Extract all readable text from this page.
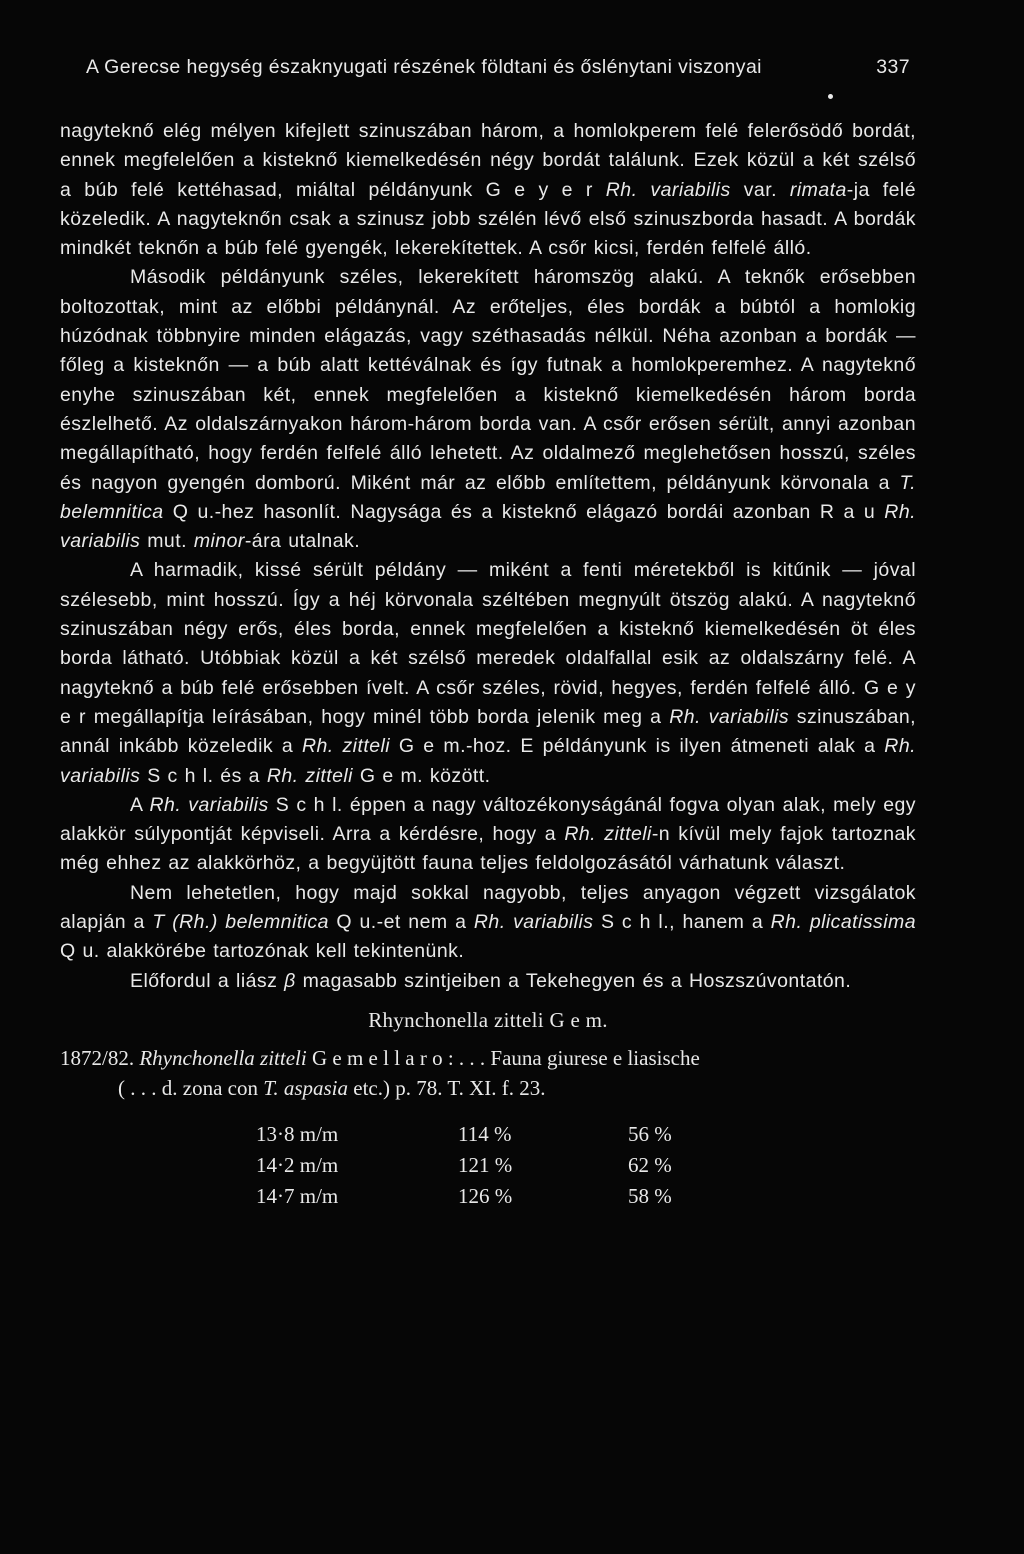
A Gerecse hegység északnyugati részének földtani és őslénytani viszonyai	337

nagyteknő elég mélyen kifejlett szinuszában három, a homlokperem felé felerősödő bordát, ennek megfelelően a kisteknő kiemelkedésén négy bordát találunk. Ezek közül a két szélső a búb felé kettéhasad, miáltal példányunk G e y e r Rh. variabilis var. rimata-ja felé közeledik. A nagyteknőn csak a szinusz jobb szélén lévő első szinuszborda hasadt. A bordák mindkét teknőn a búb felé gyengék, lekerekítettek. A csőr kicsi, ferdén felfelé álló.

Második példányunk széles, lekerekített háromszög alakú. A teknők erősebben boltozottak, mint az előbbi példánynál. Az erőteljes, éles bordák a búbtól a homlokig húzódnak többnyire minden elágazás, vagy széthasadás nélkül. Néha azonban a bordák — főleg a kisteknőn — a búb alatt kettéválnak és így futnak a homlokperemhez. A nagyteknő enyhe szinuszában két, ennek megfelelően a kisteknő kiemelkedésén három borda észlelhető. Az oldalszárnyakon három-három borda van. A csőr erősen sérült, annyi azonban megállapítható, hogy ferdén felfelé álló lehetett. Az oldalmező meglehetősen hosszú, széles és nagyon gyengén domború. Miként már az előbb említettem, példányunk körvonala a T. belemnitica Q u.-hez hasonlít. Nagysága és a kisteknő elágazó bordái azonban R a u Rh. variabilis mut. minor-ára utalnak.

A harmadik, kissé sérült példány — miként a fenti méretekből is kitűnik — jóval szélesebb, mint hosszú. Így a héj körvonala széltében megnyúlt ötszög alakú. A nagyteknő szinuszában négy erős, éles borda, ennek megfelelően a kisteknő kiemelkedésén öt éles borda látható. Utóbbiak közül a két szélső meredek oldalfallal esik az oldalszárny felé. A nagyteknő a búb felé erősebben ívelt. A csőr széles, rövid, hegyes, ferdén felfelé álló. G e y e r megállapítja leírásában, hogy minél több borda jelenik meg a Rh. variabilis szinuszában, annál inkább közeledik a Rh. zitteli G e m.-hoz. E példányunk is ilyen átmeneti alak a Rh. variabilis S c h l. és a Rh. zitteli G e m. között.

A Rh. variabilis S c h l. éppen a nagy változékonyságánál fogva olyan alak, mely egy alakkör súlypontját képviseli. Arra a kérdésre, hogy a Rh. zitteli-n kívül mely fajok tartoznak még ehhez az alakkörhöz, a begyüjtött fauna teljes feldolgozásától várhatunk választ.

Nem lehetetlen, hogy majd sokkal nagyobb, teljes anyagon végzett vizsgálatok alapján a T (Rh.) belemnitica Q u.-et nem a Rh. variabilis S c h l., hanem a Rh. plicatissima Q u. alakkörébe tartozónak kell tekintenünk.

Előfordul a liász β magasabb szintjeiben a Tekehegyen és a Hoszszúvontatón.

Rhynchonella zitteli G e m.
1872/82. Rhynchonella zitteli G e m e l l a r o : . . . Fauna giurese e liasische
( . . . d. zona con T. aspasia etc.) p. 78. T. XI. f. 23.
13·8 m/m	114 %	56 %
14·2 m/m	121 %	62 %
14·7 m/m	126 %	58 %
